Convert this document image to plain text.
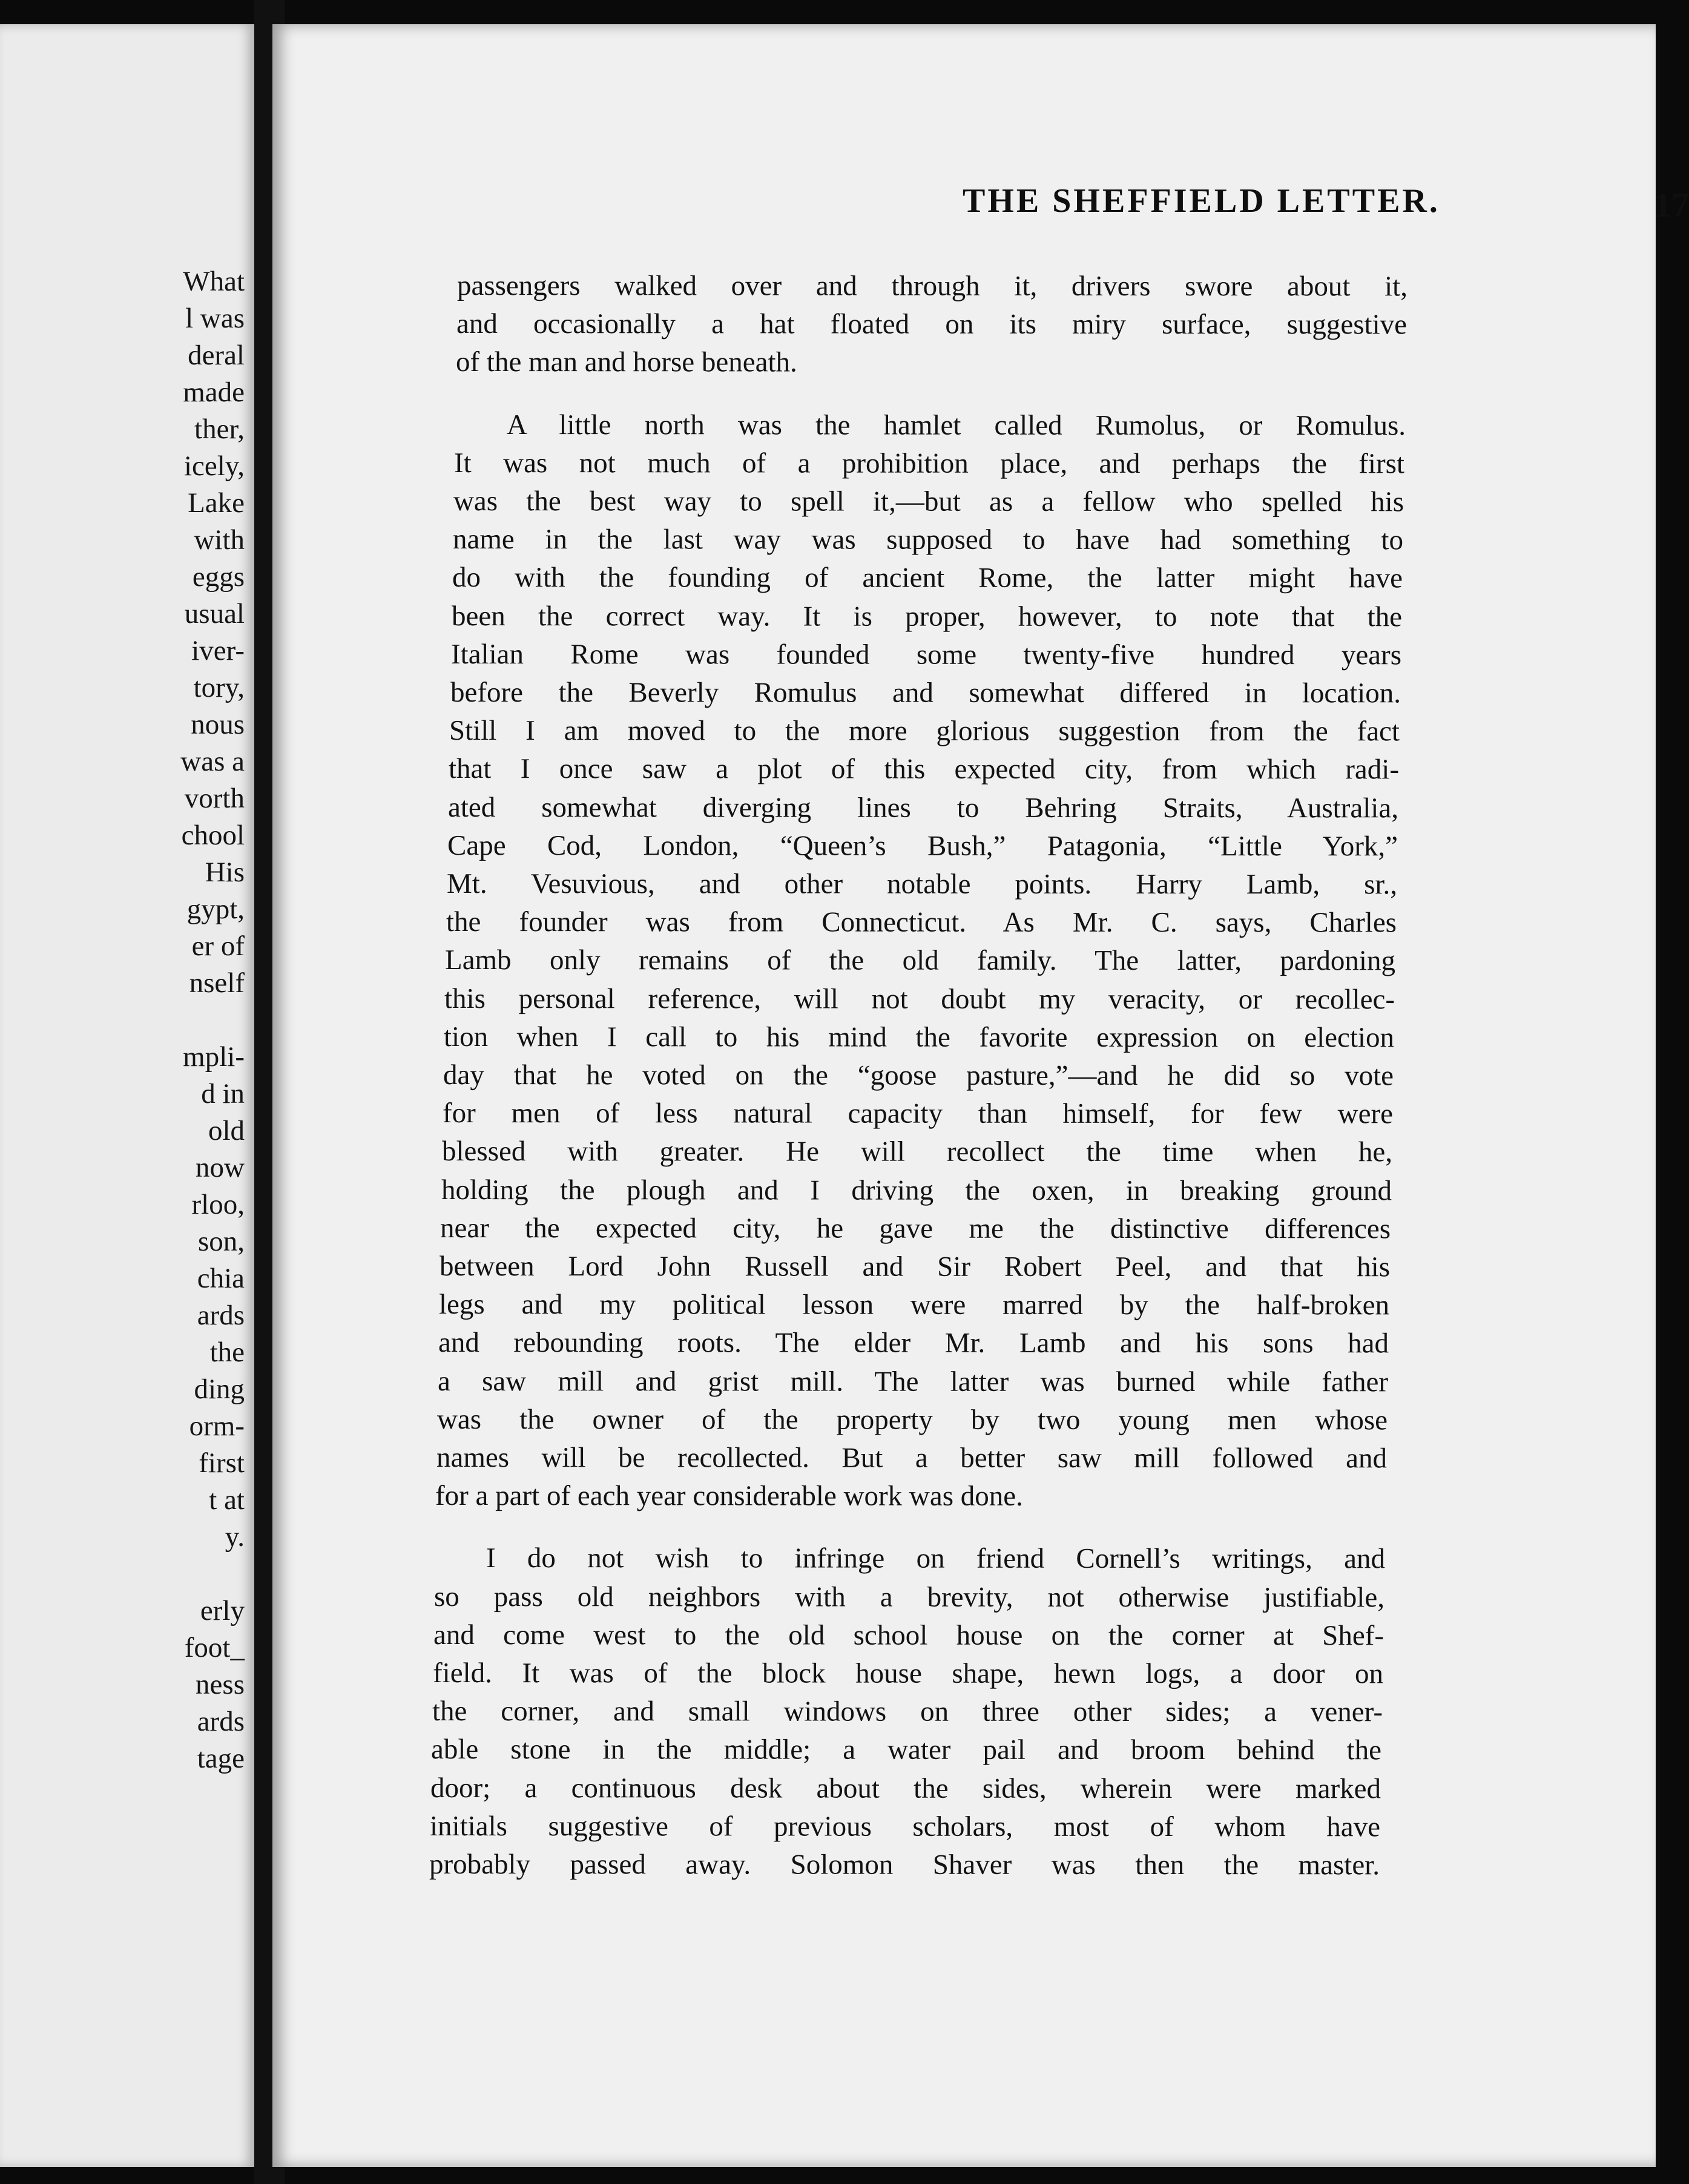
What
l was
deral
made
ther,
icely,
Lake
with
eggs
usual
iver-
tory,
nous
was a
vorth
chool
His
gypt,
er of
nself

mpli-
d in
old
now
rloo,
son,
chia
ards
the
ding
orm-
first
t at
y.

erly
foot_
ness
ards
tage
THE SHEFFIELD LETTER.	17
passengers walked over and through it, drivers swore about it,
and occasionally a hat floated on its miry surface, suggestive
of the man and horse beneath.
A little north was the hamlet called Rumolus, or Romulus.
It was not much of a prohibition place, and perhaps the first
was the best way to spell it,—but as a fellow who spelled his
name in the last way was supposed to have had something to
do with the founding of ancient Rome, the latter might have
been the correct way. It is proper, however, to note that the
Italian Rome was founded some twenty-five hundred years
before the Beverly Romulus and somewhat differed in location.
Still I am moved to the more glorious suggestion from the fact
that I once saw a plot of this expected city, from which radi-
ated somewhat diverging lines to Behring Straits, Australia,
Cape Cod, London, “Queen’s Bush,” Patagonia, “Little York,”
Mt. Vesuvious, and other notable points. Harry Lamb, sr.,
the founder was from Connecticut. As Mr. C. says, Charles
Lamb only remains of the old family. The latter, pardoning
this personal reference, will not doubt my veracity, or recollec-
tion when I call to his mind the favorite expression on election
day that he voted on the “goose pasture,”—and he did so vote
for men of less natural capacity than himself, for few were
blessed with greater. He will recollect the time when he,
holding the plough and I driving the oxen, in breaking ground
near the expected city, he gave me the distinctive differences
between Lord John Russell and Sir Robert Peel, and that his
legs and my political lesson were marred by the half-broken
and rebounding roots. The elder Mr. Lamb and his sons had
a saw mill and grist mill. The latter was burned while father
was the owner of the property by two young men whose
names will be recollected. But a better saw mill followed and
for a part of each year considerable work was done.
I do not wish to infringe on friend Cornell’s writings, and
so pass old neighbors with a brevity, not otherwise justifiable,
and come west to the old school house on the corner at Shef-
field. It was of the block house shape, hewn logs, a door on
the corner, and small windows on three other sides; a vener-
able stone in the middle; a water pail and broom behind the
door; a continuous desk about the sides, wherein were marked
initials suggestive of previous scholars, most of whom have
probably passed away. Solomon Shaver was then the master.
